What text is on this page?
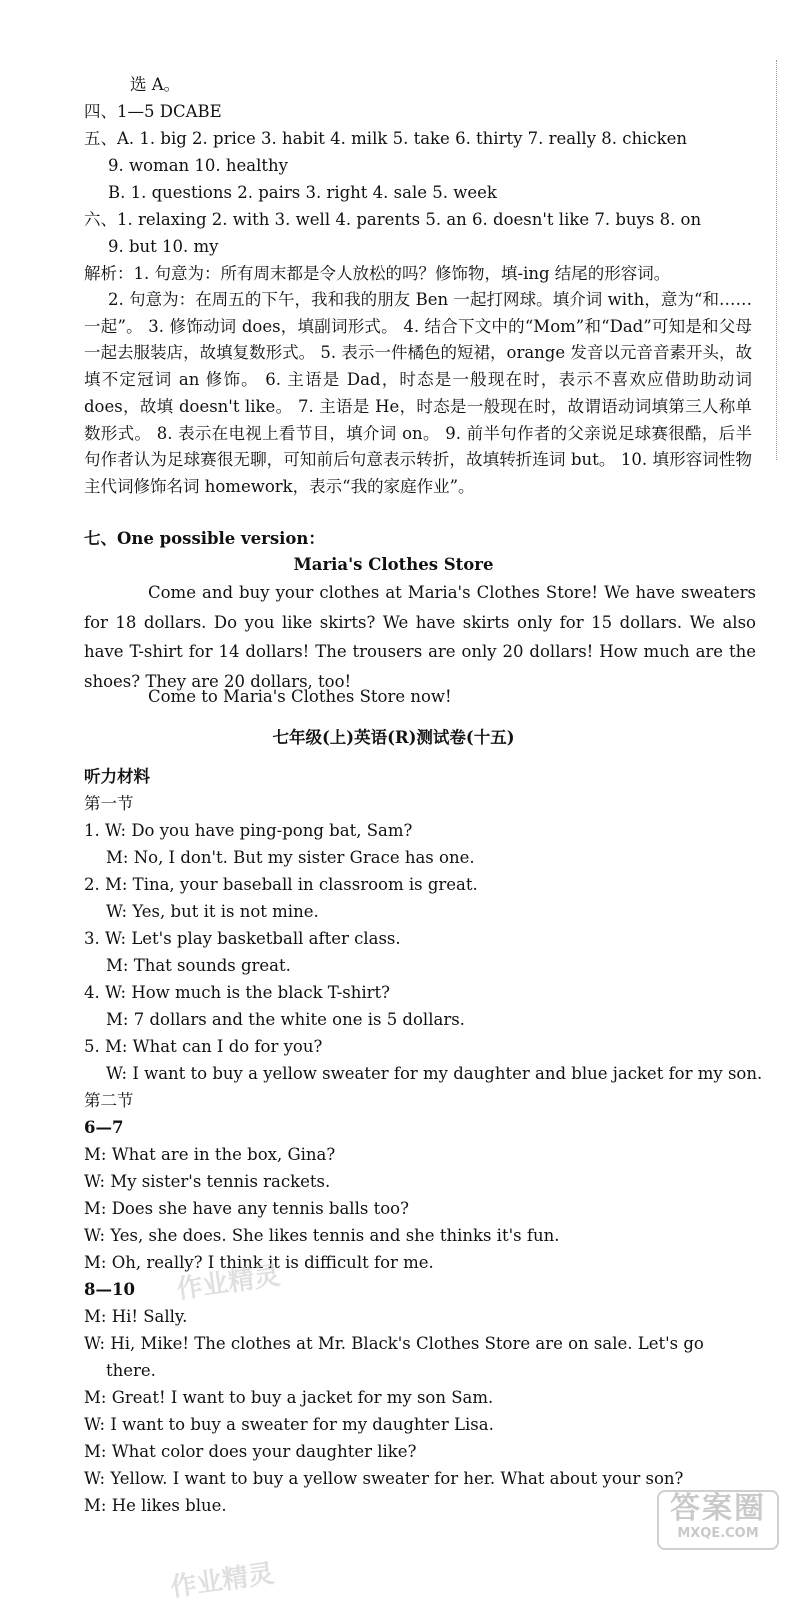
选 A。
四、1—5 DCABE
五、A. 1. big 2. price 3. habit 4. milk 5. take 6. thirty 7. really 8. chicken
9. woman 10. healthy
B. 1. questions 2. pairs 3. right 4. sale 5. week
六、1. relaxing 2. with 3. well 4. parents 5. an 6. doesn't like 7. buys 8. on
9. but 10. my
解析：1. 句意为：所有周末都是令人放松的吗？修饰物，填-ing 结尾的形容词。
2. 句意为：在周五的下午，我和我的朋友 Ben 一起打网球。填介词 with，意为“和……一起”。 3. 修饰动词 does，填副词形式。 4. 结合下文中的“Mom”和“Dad”可知是和父母一起去服装店，故填复数形式。 5. 表示一件橘色的短裙，orange 发音以元音音素开头，故填不定冠词 an 修饰。 6. 主语是 Dad，时态是一般现在时，表示不喜欢应借助助动词 does，故填 doesn't like。 7. 主语是 He，时态是一般现在时，故谓语动词填第三人称单数形式。 8. 表示在电视上看节目，填介词 on。 9. 前半句作者的父亲说足球赛很酷，后半句作者认为足球赛很无聊，可知前后句意表示转折，故填转折连词 but。 10. 填形容词性物主代词修饰名词 homework，表示“我的家庭作业”。
七、One possible version：
Maria's Clothes Store
Come and buy your clothes at Maria's Clothes Store! We have sweaters for 18 dollars. Do you like skirts? We have skirts only for 15 dollars. We also have T-shirt for 14 dollars! The trousers are only 20 dollars! How much are the shoes? They are 20 dollars, too!
Come to Maria's Clothes Store now!
七年级(上)英语(R)测试卷(十五)
听力材料
第一节
1. W: Do you have ping-pong bat, Sam?
M: No, I don't. But my sister Grace has one.
2. M: Tina, your baseball in classroom is great.
W: Yes, but it is not mine.
3. W: Let's play basketball after class.
M: That sounds great.
4. W: How much is the black T-shirt?
M: 7 dollars and the white one is 5 dollars.
5. M: What can I do for you?
W: I want to buy a yellow sweater for my daughter and blue jacket for my son.
第二节
6—7
M: What are in the box, Gina?
W: My sister's tennis rackets.
M: Does she have any tennis balls too?
W: Yes, she does. She likes tennis and she thinks it's fun.
M: Oh, really? I think it is difficult for me.
8—10
M: Hi! Sally.
W: Hi, Mike! The clothes at Mr. Black's Clothes Store are on sale. Let's go
there.
M: Great! I want to buy a jacket for my son Sam.
W: I want to buy a sweater for my daughter Lisa.
M: What color does your daughter like?
W: Yellow. I want to buy a yellow sweater for her. What about your son?
M: He likes blue.
作业精灵
作业精灵
答案圈
MXQE.COM
